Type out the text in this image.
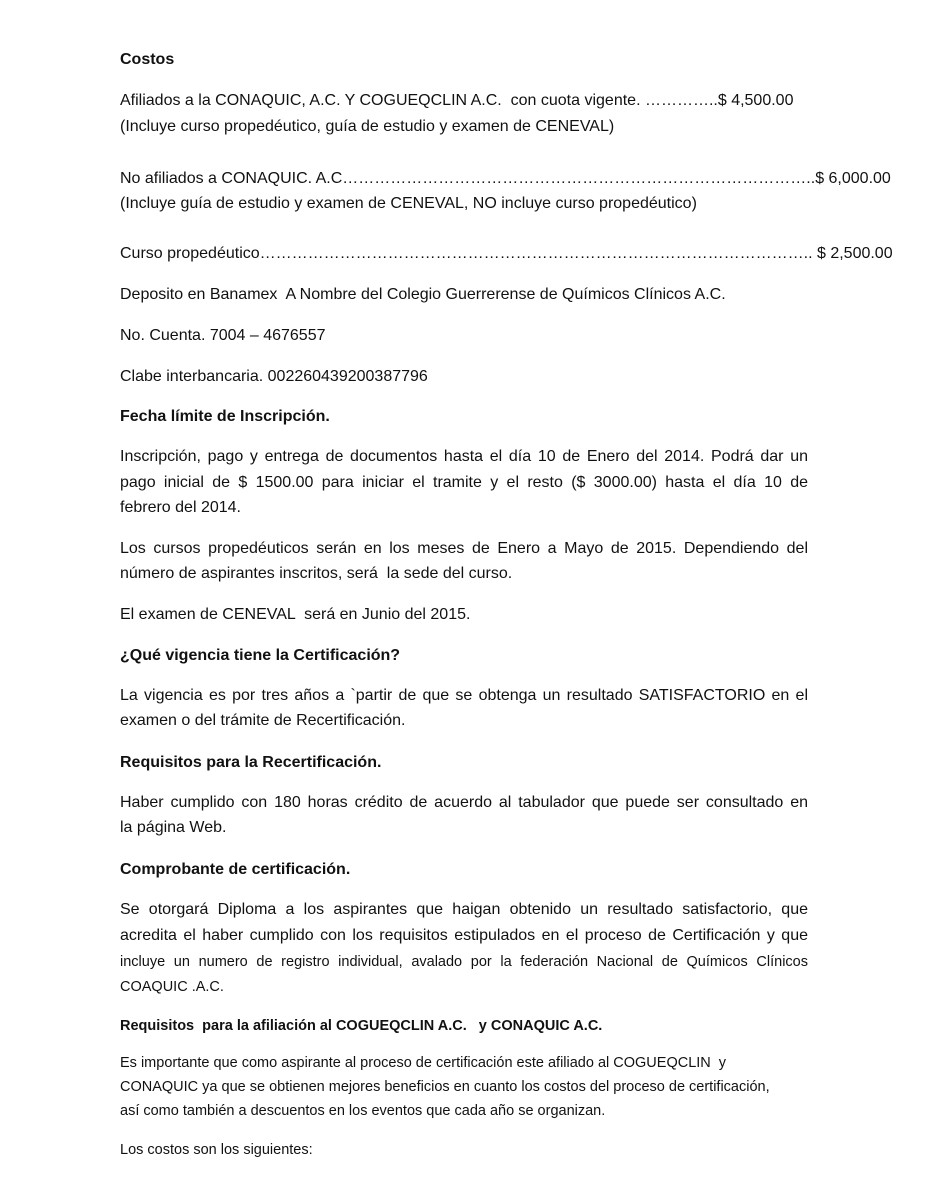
Costos
Afiliados a la CONAQUIC, A.C. Y COGUEQCLIN A.C.  con cuota vigente. …………..$ 4,500.00
(Incluye curso propedéutico, guía de estudio y examen de CENEVAL)
No afiliados a CONAQUIC. A.C……………………………………………………………………………..$ 6,000.00
(Incluye guía de estudio y examen de CENEVAL, NO incluye curso propedéutico)
Curso propedéutico………………………………………………………………………………………….. $ 2,500.00
Deposito en Banamex  A Nombre del Colegio Guerrerense de Químicos Clínicos A.C.
No. Cuenta. 7004 – 4676557
Clabe interbancaria. 002260439200387796
Fecha límite de Inscripción.
Inscripción, pago y entrega de documentos hasta el día 10 de Enero del 2014. Podrá dar un
pago inicial de $ 1500.00 para iniciar el tramite y el resto ($ 3000.00) hasta el día 10 de
febrero del 2014.
Los cursos propedéuticos serán en los meses de Enero a Mayo de 2015. Dependiendo del
número de aspirantes inscritos, será  la sede del curso.
El examen de CENEVAL  será en Junio del 2015.
¿Qué vigencia tiene la Certificación?
La vigencia es por tres años a `partir de que se obtenga un resultado SATISFACTORIO en el
examen o del trámite de Recertificación.
Requisitos para la Recertificación.
Haber cumplido con 180 horas crédito de acuerdo al tabulador que puede ser consultado en
la página Web.
Comprobante de certificación.
Se otorgará Diploma a los aspirantes que haigan obtenido un resultado satisfactorio, que
acredita el haber cumplido con los requisitos estipulados en el proceso de Certificación y que
incluye un numero de registro individual, avalado por la federación Nacional de Químicos Clínicos
COAQUIC .A.C.
Requisitos  para la afiliación al COGUEQCLIN A.C.   y CONAQUIC A.C.
Es importante que como aspirante al proceso de certificación este afiliado al COGUEQCLIN  y
CONAQUIC ya que se obtienen mejores beneficios en cuanto los costos del proceso de certificación,
así como también a descuentos en los eventos que cada año se organizan.
Los costos son los siguientes:
